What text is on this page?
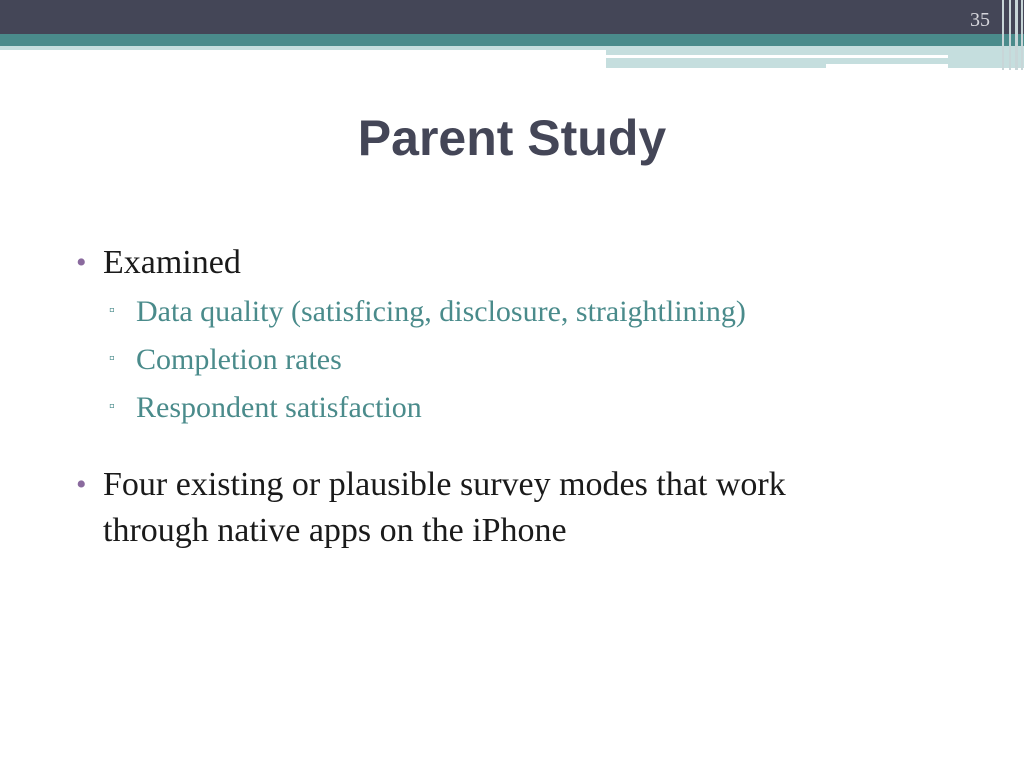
35
Parent Study
• Examined
▫ Data quality (satisficing, disclosure, straightlining)
▫ Completion rates
▫ Respondent satisfaction
• Four existing or plausible survey modes that work
through native apps on the iPhone
